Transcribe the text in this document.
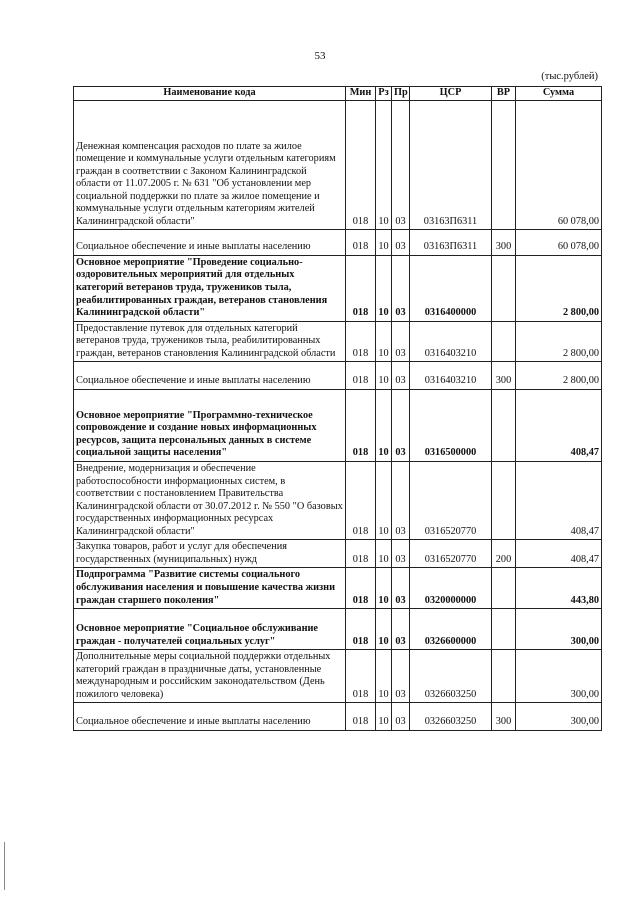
53
(тыс.рублей)
Наименование кода	Мин	Рз	Пр	ЦСР	ВР	Сумма
Денежная компенсация расходов по плате за жилое помещение и коммунальные услуги отдельным категориям граждан в соответствии с Законом Калининградской области от 11.07.2005 г. № 631 "Об установлении мер социальной поддержки по плате за жилое помещение и коммунальные услуги отдельным категориям жителей Калининградской области"	018	10	03	03163П6311		60 078,00
Социальное обеспечение и иные выплаты населению	018	10	03	03163П6311	300	60 078,00
Основное мероприятие "Проведение социально-оздоровительных мероприятий для отдельных категорий ветеранов труда, тружеников тыла, реабилитированных граждан, ветеранов становления Калининградской области"	018	10	03	0316400000		2 800,00
Предоставление путевок для отдельных категорий ветеранов труда, тружеников тыла, реабилитированных граждан, ветеранов становления Калининградской области	018	10	03	0316403210		2 800,00
Социальное обеспечение и иные выплаты населению	018	10	03	0316403210	300	2 800,00
Основное мероприятие "Программно-техническое сопровождение и создание новых информационных ресурсов, защита персональных данных в системе социальной защиты населения"	018	10	03	0316500000		408,47
Внедрение, модернизация и обеспечение работоспособности информационных систем, в соответствии с постановлением Правительства Калининградской области от 30.07.2012 г. № 550 "О базовых государственных информационных ресурсах Калининградской области"	018	10	03	0316520770		408,47
Закупка товаров, работ и услуг для обеспечения государственных (муниципальных) нужд	018	10	03	0316520770	200	408,47
Подпрограмма "Развитие системы социального обслуживания населения и повышение качества жизни граждан старшего поколения"	018	10	03	0320000000		443,80
Основное мероприятие "Социальное обслуживание граждан - получателей социальных услуг"	018	10	03	0326600000		300,00
Дополнительные меры социальной поддержки отдельных категорий граждан в праздничные даты, установленные международным и российским законодательством (День пожилого человека)	018	10	03	0326603250		300,00
Социальное обеспечение и иные выплаты населению	018	10	03	0326603250	300	300,00
